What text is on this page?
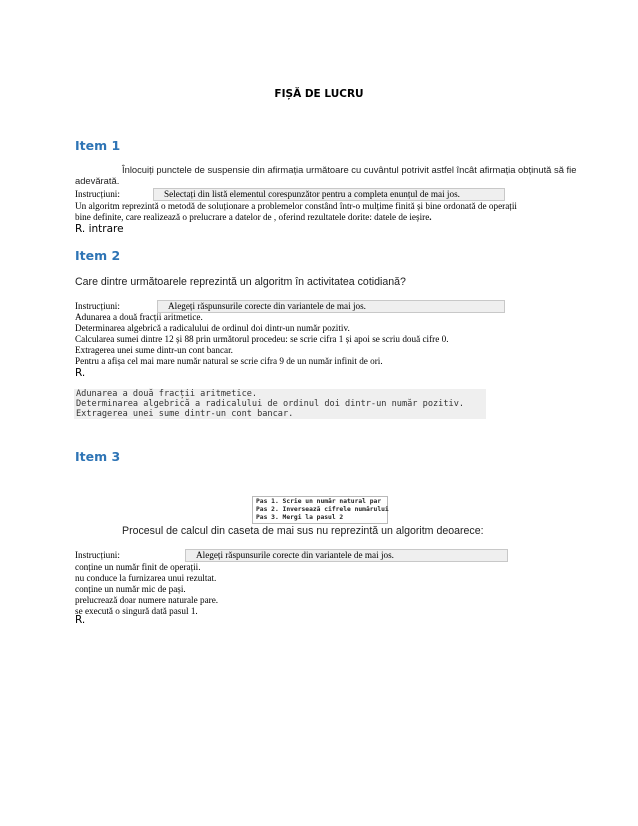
FIȘĂ DE LUCRU
Item 1
Înlocuiți punctele de suspensie din afirmația următoare cu cuvântul potrivit astfel încât afirmația obținută să fie
adevărată.
Instrucțiuni:	Selectați din listă elementul corespunzător pentru a completa enunțul de mai jos.
Un algoritm reprezintă o metodă de soluționare a problemelor constând într-o mulțime finită și bine ordonată de operații
bine definite, care realizează o prelucrare a datelor de , oferind rezultatele dorite: datele de ieșire.
R. intrare
Item 2
Care dintre următoarele reprezintă un algoritm în activitatea cotidiană?
Instrucțiuni:	Alegeți răspunsurile corecte din variantele de mai jos.
Adunarea a două fracții aritmetice.
Determinarea algebrică a radicalului de ordinul doi dintr-un număr pozitiv.
Calcularea sumei dintre 12 și 88 prin următorul procedeu: se scrie cifra 1 și apoi se scriu două cifre 0.
Extragerea unei sume dintr-un cont bancar.
Pentru a afișa cel mai mare număr natural se scrie cifra 9 de un număr infinit de ori.
R.
Adunarea a două fracții aritmetice.
Determinarea algebrică a radicalului de ordinul doi dintr-un număr pozitiv.
Extragerea unei sume dintr-un cont bancar.
Item 3
Pas 1. Scrie un număr natural par
Pas 2. Inversează cifrele numărului
Pas 3. Mergi la pasul 2
Procesul de calcul din caseta de mai sus nu reprezintă un algoritm deoarece:
Instrucțiuni:	Alegeți răspunsurile corecte din variantele de mai jos.
conține un număr finit de operații.
nu conduce la furnizarea unui rezultat.
conține un număr mic de pași.
prelucrează doar numere naturale pare.
se execută o singură dată pasul 1.
R.
